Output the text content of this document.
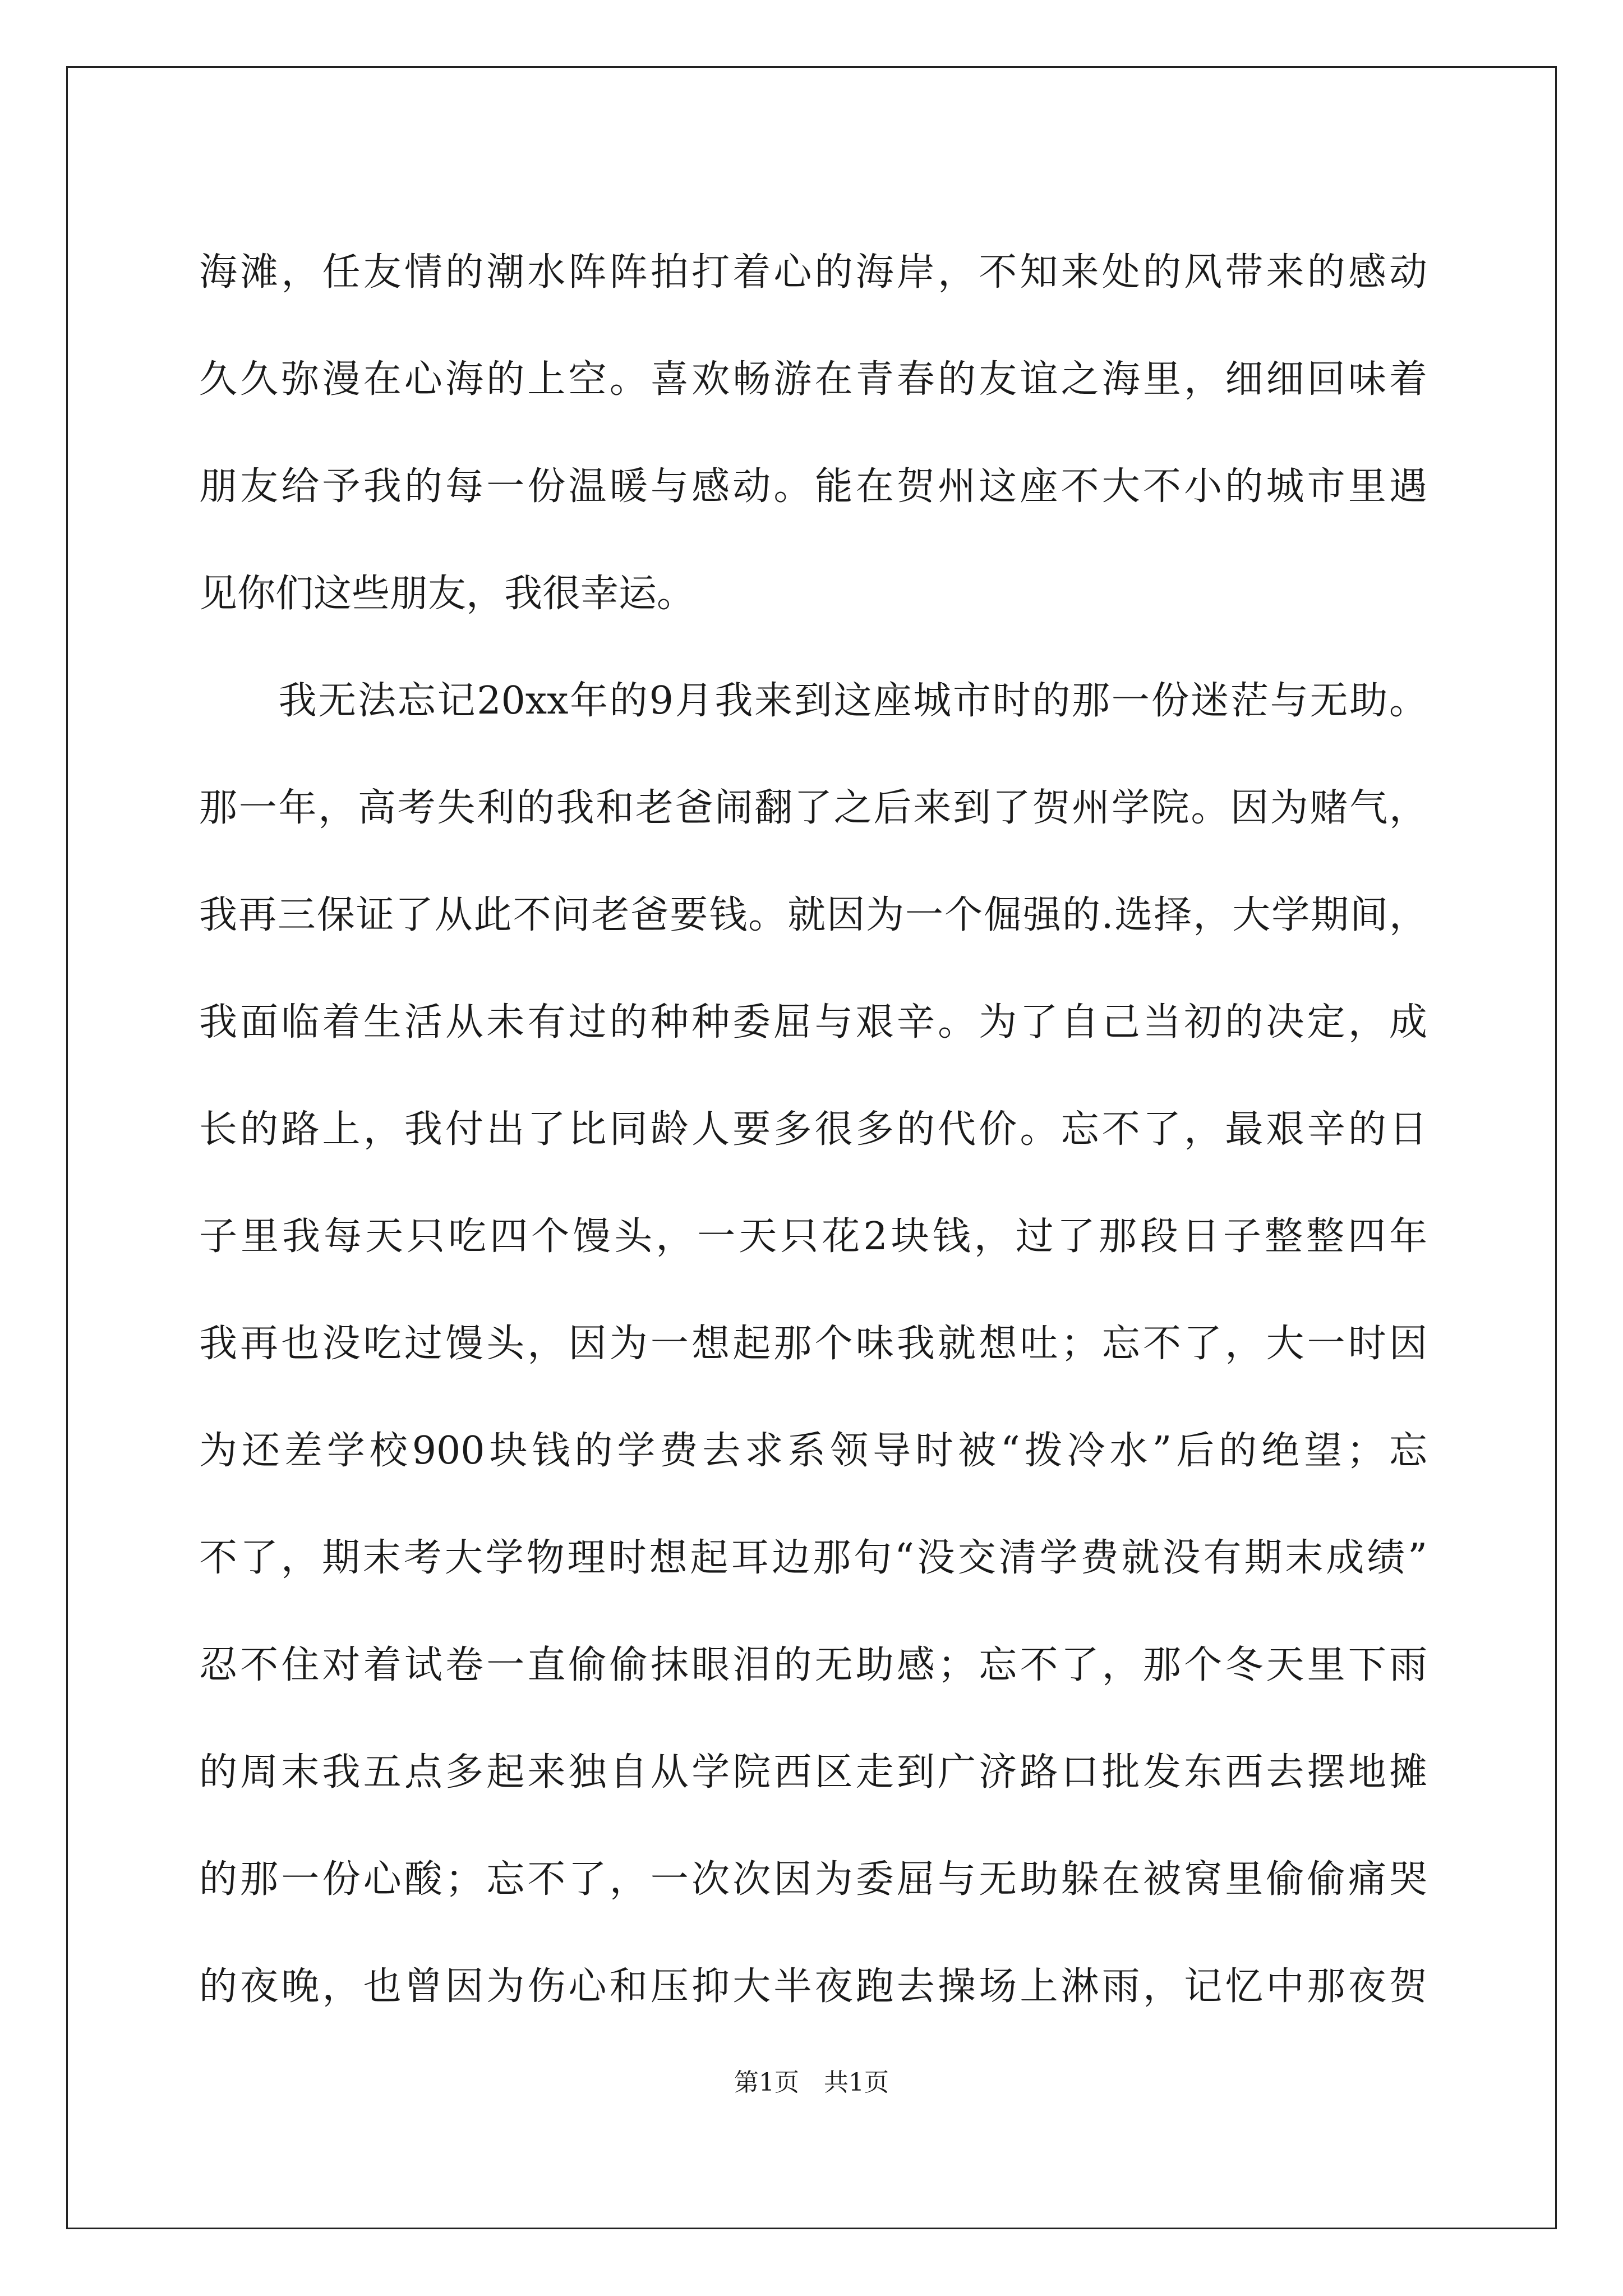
海滩，任友情的潮水阵阵拍打着心的海岸，不知来处的风带来的感动
久久弥漫在心海的上空。喜欢畅游在青春的友谊之海里，细细回味着
朋友给予我的每一份温暖与感动。能在贺州这座不大不小的城市里遇
见你们这些朋友，我很幸运。
　　我无法忘记20xx年的9月我来到这座城市时的那一份迷茫与无助。
那一年，高考失利的我和老爸闹翻了之后来到了贺州学院。因为赌气，
我再三保证了从此不问老爸要钱。就因为一个倔强的.选择，大学期间，
我面临着生活从未有过的种种委屈与艰辛。为了自己当初的决定，成
长的路上，我付出了比同龄人要多很多的代价。忘不了，最艰辛的日
子里我每天只吃四个馒头，一天只花2块钱，过了那段日子整整四年
我再也没吃过馒头，因为一想起那个味我就想吐；忘不了，大一时因
为还差学校900块钱的学费去求系领导时被“拨冷水”后的绝望；忘
不了，期末考大学物理时想起耳边那句“没交清学费就没有期末成绩”
忍不住对着试卷一直偷偷抹眼泪的无助感；忘不了，那个冬天里下雨
的周末我五点多起来独自从学院西区走到广济路口批发东西去摆地摊
的那一份心酸；忘不了，一次次因为委屈与无助躲在被窝里偷偷痛哭
的夜晚，也曾因为伤心和压抑大半夜跑去操场上淋雨，记忆中那夜贺
第1页　共1页
